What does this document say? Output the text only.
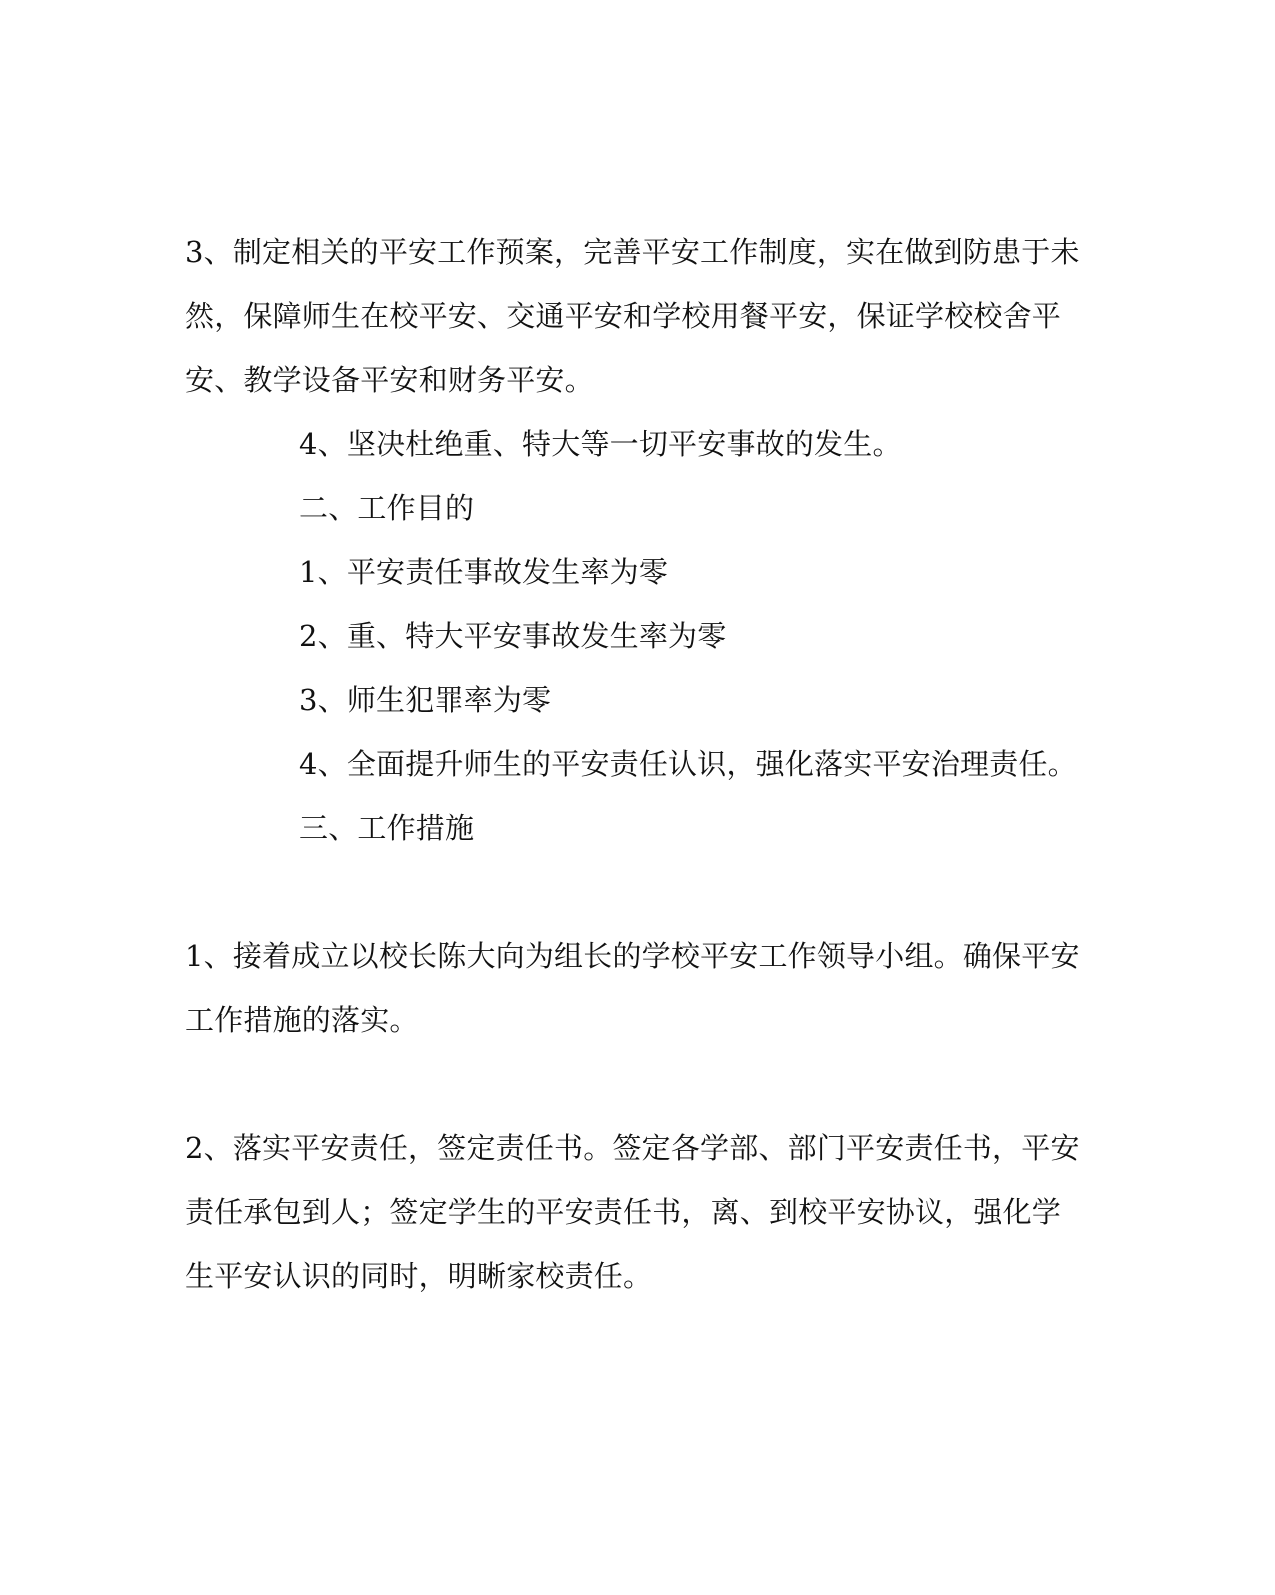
3、制定相关的平安工作预案，完善平安工作制度，实在做到防患于未
然，保障师生在校平安、交通平安和学校用餐平安，保证学校校舍平
安、教学设备平安和财务平安。
4、坚决杜绝重、特大等一切平安事故的发生。
二、工作目的
1、平安责任事故发生率为零
2、重、特大平安事故发生率为零
3、师生犯罪率为零
4、全面提升师生的平安责任认识，强化落实平安治理责任。
三、工作措施
1、接着成立以校长陈大向为组长的学校平安工作领导小组。确保平安
工作措施的落实。
2、落实平安责任，签定责任书。签定各学部、部门平安责任书，平安
责任承包到人；签定学生的平安责任书，离、到校平安协议，强化学
生平安认识的同时，明晰家校责任。
